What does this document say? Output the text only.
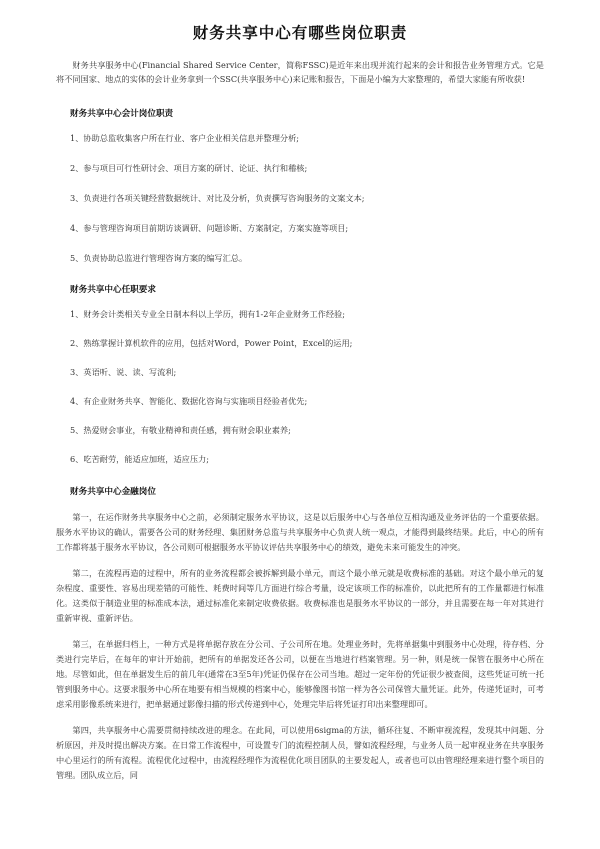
财务共享中心有哪些岗位职责

财务共享服务中心(Financial Shared Service Center，简称FSSC)是近年来出现并流行起来的会计和报告业务管理方式。它是将不同国家、地点的实体的会计业务拿到一个SSC(共享服务中心)来记账和报告，下面是小编为大家整理的，希望大家能有所收获!

财务共享中心会计岗位职责
1、协助总监收集客户所在行业、客户企业相关信息并整理分析;
2、参与项目可行性研讨会、项目方案的研讨、论证、执行和稽核;
3、负责进行各项关键经营数据统计、对比及分析，负责撰写咨询服务的文案文本;
4、参与管理咨询项目前期访谈调研、问题诊断、方案制定，方案实施等项目;
5、负责协助总监进行管理咨询方案的编写汇总。
财务共享中心任职要求
1、财务会计类相关专业全日制本科以上学历，拥有1-2年企业财务工作经验;
2、熟练掌握计算机软件的应用，包括对Word，Power Point，Excel的运用;
3、英语听、说、读、写流利;
4、有企业财务共享、智能化、数据化咨询与实施项目经验者优先;
5、热爱财会事业，有敬业精神和责任感，拥有财会职业素养;
6、吃苦耐劳，能适应加班，适应压力;
财务共享中心金融岗位

第一，在运作财务共享服务中心之前，必须制定服务水平协议，这是以后服务中心与各单位互相沟通及业务评估的一个重要依据。服务水平协议的确认，需要各公司的财务经理、集团财务总监与共享服务中心负责人统一观点，才能得到最终结果。此后，中心的所有工作都将基于服务水平协议，各公司则可根据服务水平协议评估共享服务中心的绩效，避免未来可能发生的冲突。

第二，在流程再造的过程中，所有的业务流程都会被拆解到最小单元，而这个最小单元就是收费标准的基础。对这个最小单元的复杂程度、重要性、容易出现差错的可能性、耗费时间等几方面进行综合考量，设定该项工作的标准价，以此把所有的工作量都进行标准化。这类似于制造业里的标准成本法，通过标准化来制定收费依据。收费标准也是服务水平协议的一部分，并且需要在每一年对其进行重新审视、重新评估。

第三，在单据归档上，一种方式是将单据存放在分公司、子公司所在地。处理业务时，先将单据集中到服务中心处理，待存档、分类进行完毕后，在每年的审计开始前，把所有的单据发还各公司，以便在当地进行档案管理。另一种，则是统一保管在服务中心所在地。尽管如此，但在单据发生后的前几年(通常在3至5年)凭证仍保存在公司当地。超过一定年份的凭证很少被查阅，这些凭证可统一托管到服务中心。这要求服务中心所在地要有相当规模的档案中心，能够像图书馆一样为各公司保管大量凭证。此外，传递凭证时，可考虑采用影像系统来进行，把单据通过影像扫描的形式传递到中心，处理完毕后将凭证打印出来整理即可。

第四，共享服务中心需要贯彻持续改进的理念。在此间，可以使用6sigma的方法，循环往复、不断审视流程，发现其中问题、分析原因，并及时提出解决方案。在日常工作流程中，可设置专门的流程控制人员，譬如流程经理，与业务人员一起审视业务在共享服务中心里运行的所有流程。流程优化过程中，由流程经理作为流程优化项目团队的主要发起人，或者也可以由管理经理来进行整个项目的管理。团队成立后，同
